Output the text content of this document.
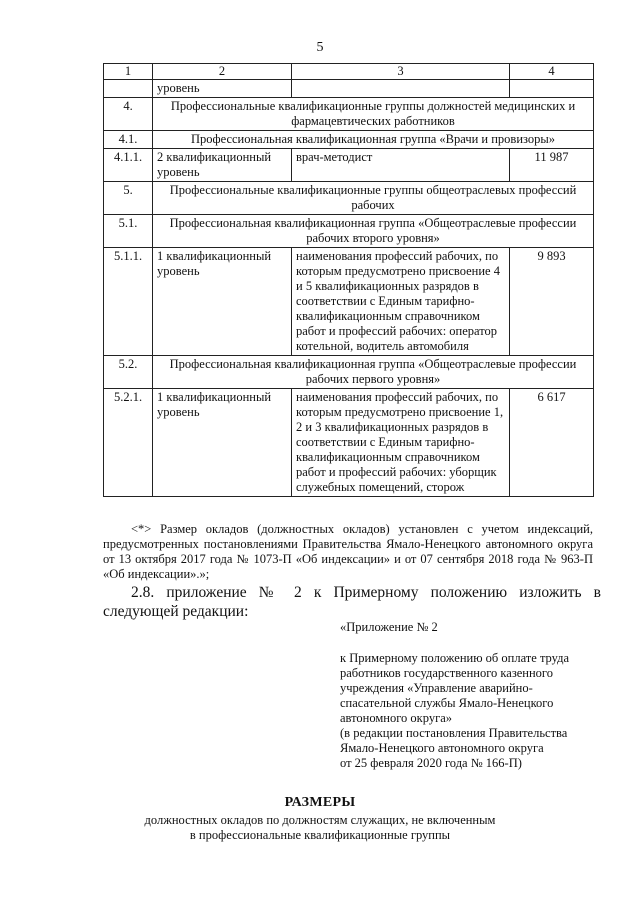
5
1	2	3	4
	уровень		
4.	Профессиональные квалификационные группы должностей медицинских и фармацевтических работников		
4.1.	Профессиональная квалификационная группа «Врачи и провизоры»		
4.1.1.	2 квалификационный уровень	врач-методист	11 987
5.	Профессиональные квалификационные группы общеотраслевых профессий рабочих		
5.1.	Профессиональная квалификационная группа «Общеотраслевые профессии рабочих второго уровня»		
5.1.1.	1 квалификационный уровень	наименования профессий рабочих, по которым предусмотрено присвоение 4 и 5 квалификационных разрядов в соответствии с Единым тарифно-квалификационным справочником работ и профессий рабочих: оператор котельной, водитель автомобиля	9 893
5.2.	Профессиональная квалификационная группа «Общеотраслевые профессии рабочих первого уровня»		
5.2.1.	1 квалификационный уровень	наименования профессий рабочих, по которым предусмотрено присвоение 1, 2 и 3 квалификационных разрядов в соответствии с Единым тарифно-квалификационным справочником работ и профессий рабочих: уборщик служебных помещений, сторож	6 617

<*> Размер окладов (должностных окладов) установлен с учетом индексаций, предусмотренных постановлениями Правительства Ямало-Ненецкого автономного округа от 13 октября 2017 года № 1073-П «Об индексации» и от 07 сентября 2018 года № 963-П «Об индексации».»;

2.8. приложение № 2 к Примерному положению изложить в следующей редакции:

«Приложение № 2
к Примерному положению об оплате труда
работников государственного казенного
учреждения «Управление аварийно-
спасательной службы Ямало-Ненецкого
автономного округа»
(в редакции постановления Правительства
Ямало-Ненецкого автономного округа
от 25 февраля 2020 года № 166-П)
РАЗМЕРЫ
должностных окладов по должностям служащих, не включенным
в профессиональные квалификационные группы
